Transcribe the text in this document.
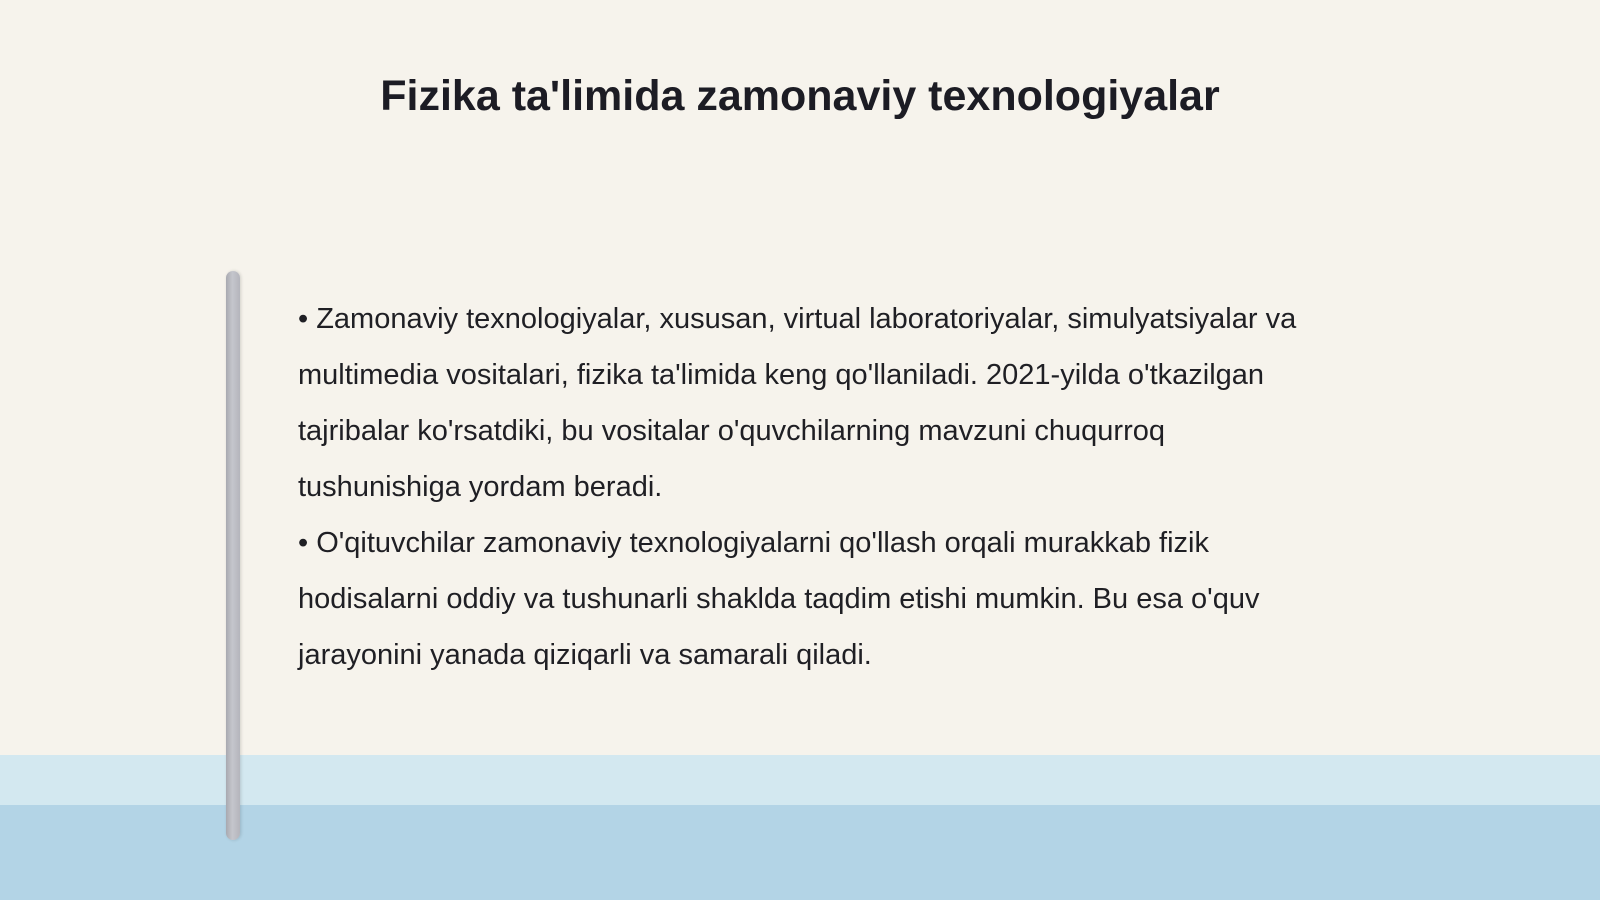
Fizika ta'limida zamonaviy texnologiyalar
• Zamonaviy texnologiyalar, xususan, virtual laboratoriyalar, simulyatsiyalar va multimedia vositalari, fizika ta'limida keng qo'llaniladi. 2021-yilda o'tkazilgan tajribalar ko'rsatdiki, bu vositalar o'quvchilarning mavzuni chuqurroq tushunishiga yordam beradi.
• O'qituvchilar zamonaviy texnologiyalarni qo'llash orqali murakkab fizik hodisalarni oddiy va tushunarli shaklda taqdim etishi mumkin. Bu esa o'quv jarayonini yanada qiziqarli va samarali qiladi.
